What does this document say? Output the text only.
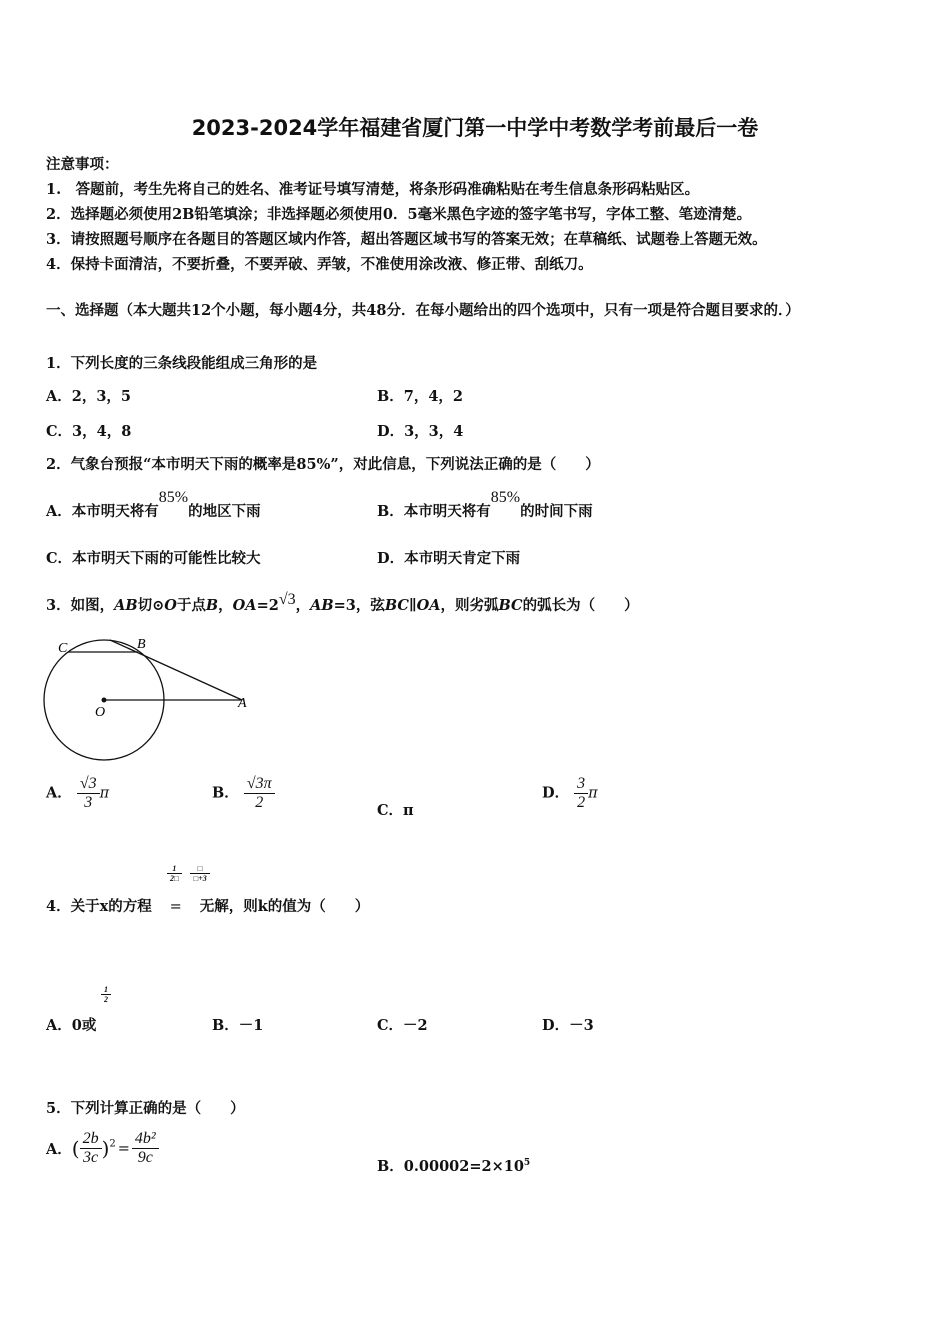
2023-2024学年福建省厦门第一中学中考数学考前最后一卷
注意事项：
1.　答题前，考生先将自己的姓名、准考证号填写清楚，将条形码准确粘贴在考生信息条形码粘贴区。
2．选择题必须使用2B铅笔填涂；非选择题必须使用0．5毫米黑色字迹的签字笔书写，字体工整、笔迹清楚。
3．请按照题号顺序在各题目的答题区域内作答，超出答题区域书写的答案无效；在草稿纸、试题卷上答题无效。
4．保持卡面清洁，不要折叠，不要弄破、弄皱，不准使用涂改液、修正带、刮纸刀。
一、选择题（本大题共12个小题，每小题4分，共48分．在每小题给出的四个选项中，只有一项是符合题目要求的．）
1．下列长度的三条线段能组成三角形的是
A．2，3，5	B．7，4，2
C．3，4，8	D．3，3，4
2．气象台预报“本市明天下雨的概率是85%”，对此信息，下列说法正确的是（　　）
A．本市明天将有85%的地区下雨	B．本市明天将有85%的时间下雨
C．本市明天下雨的可能性比较大	D．本市明天肯定下雨
3．如图，AB切⊙O于点B，OA=2√3，AB=3，弦BC∥OA，则劣弧BC的弧长为（　　）
C	B
O
A
A． $\frac{√3}{3}$ π	B． $\frac{√3\pi}{2}$	C．π
D． $\frac{3}{2}$ π
$\frac{1}{2□}$
$\frac{□}{□+3}$
4．关于x的方程 = 无解，则k的值为（　　）
$\frac{1}{2}$
A．0或	B．－1	C．－2	D．－3
5．下列计算正确的是（　　）
A．( $\frac{2b}{3c} )^2 = \frac{\text{4b²}}{9c}$	B．$0.00002=2\times 10^5$
